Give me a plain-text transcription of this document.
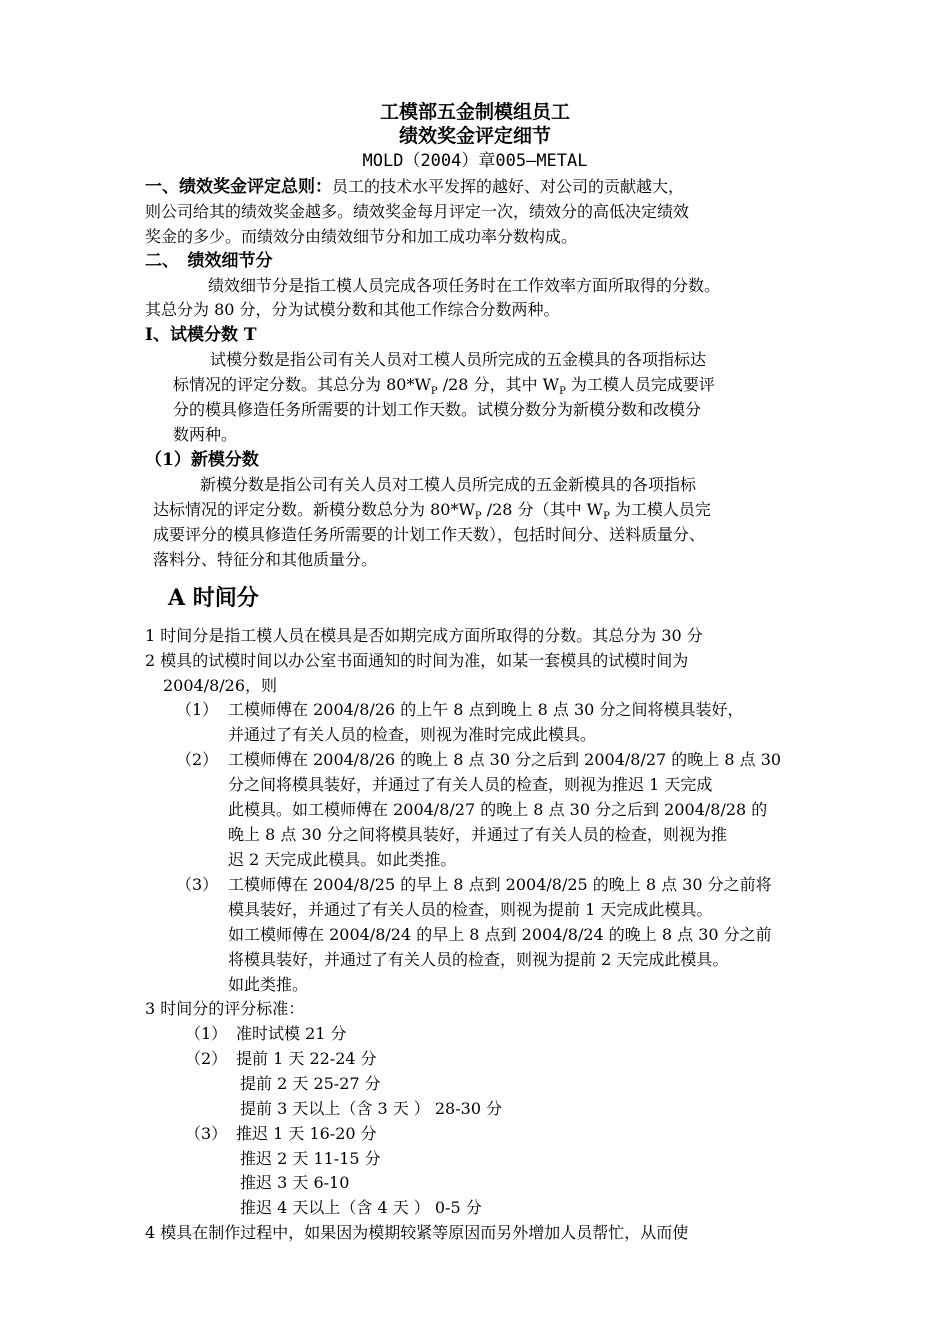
工模部五金制模组员工
绩效奖金评定细节
MOLD（2004）章005—METAL
一、绩效奖金评定总则：员工的技术水平发挥的越好、对公司的贡献越大，
则公司给其的绩效奖金越多。绩效奖金每月评定一次，绩效分的高低决定绩效
奖金的多少。而绩效分由绩效细节分和加工成功率分数构成。
二、　绩效细节分
绩效细节分是指工模人员完成各项任务时在工作效率方面所取得的分数。
其总分为 80 分，分为试模分数和其他工作综合分数两种。
I、试模分数 T
试模分数是指公司有关人员对工模人员所完成的五金模具的各项指标达
标情况的评定分数。其总分为 $80*W_P$ /28 分，其中 $W_P$ 为工模人员完成要评
分的模具修造任务所需要的计划工作天数。试模分数分为新模分数和改模分
数两种。
（1）新模分数
新模分数是指公司有关人员对工模人员所完成的五金新模具的各项指标
达标情况的评定分数。新模分数总分为 $80*W_P$ /28 分（其中 $W_P$ 为工模人员完
成要评分的模具修造任务所需要的计划工作天数），包括时间分、送料质量分、
落料分、特征分和其他质量分。
A 时间分
1 时间分是指工模人员在模具是否如期完成方面所取得的分数。其总分为 30 分
2 模具的试模时间以办公室书面通知的时间为准，如某一套模具的试模时间为
2004/8/26，则
（1） 工模师傅在 2004/8/26 的上午 8 点到晚上 8 点 30 分之间将模具装好，
并通过了有关人员的检查，则视为准时完成此模具。
（2） 工模师傅在 2004/8/26 的晚上 8 点 30 分之后到 2004/8/27 的晚上 8 点 30
分之间将模具装好，并通过了有关人员的检查，则视为推迟 1 天完成
此模具。如工模师傅在 2004/8/27 的晚上 8 点 30 分之后到 2004/8/28 的
晚上 8 点 30 分之间将模具装好，并通过了有关人员的检查，则视为推
迟 2 天完成此模具。如此类推。
（3） 工模师傅在 2004/8/25 的早上 8 点到 2004/8/25 的晚上 8 点 30 分之前将
模具装好，并通过了有关人员的检查，则视为提前 1 天完成此模具。
如工模师傅在 2004/8/24 的早上 8 点到 2004/8/24 的晚上 8 点 30 分之前
将模具装好，并通过了有关人员的检查，则视为提前 2 天完成此模具。
如此类推。
3 时间分的评分标准：
（1） 准时试模 21 分
（2） 提前 1 天 22-24 分
提前 2 天 25-27 分
提前 3 天以上（含 3 天 ） 28-30 分
（3） 推迟 1 天 16-20 分
推迟 2 天 11-15 分
推迟 3 天 6-10
推迟 4 天以上（含 4 天 ） 0-5 分
4 模具在制作过程中，如果因为模期较紧等原因而另外增加人员帮忙，从而使
